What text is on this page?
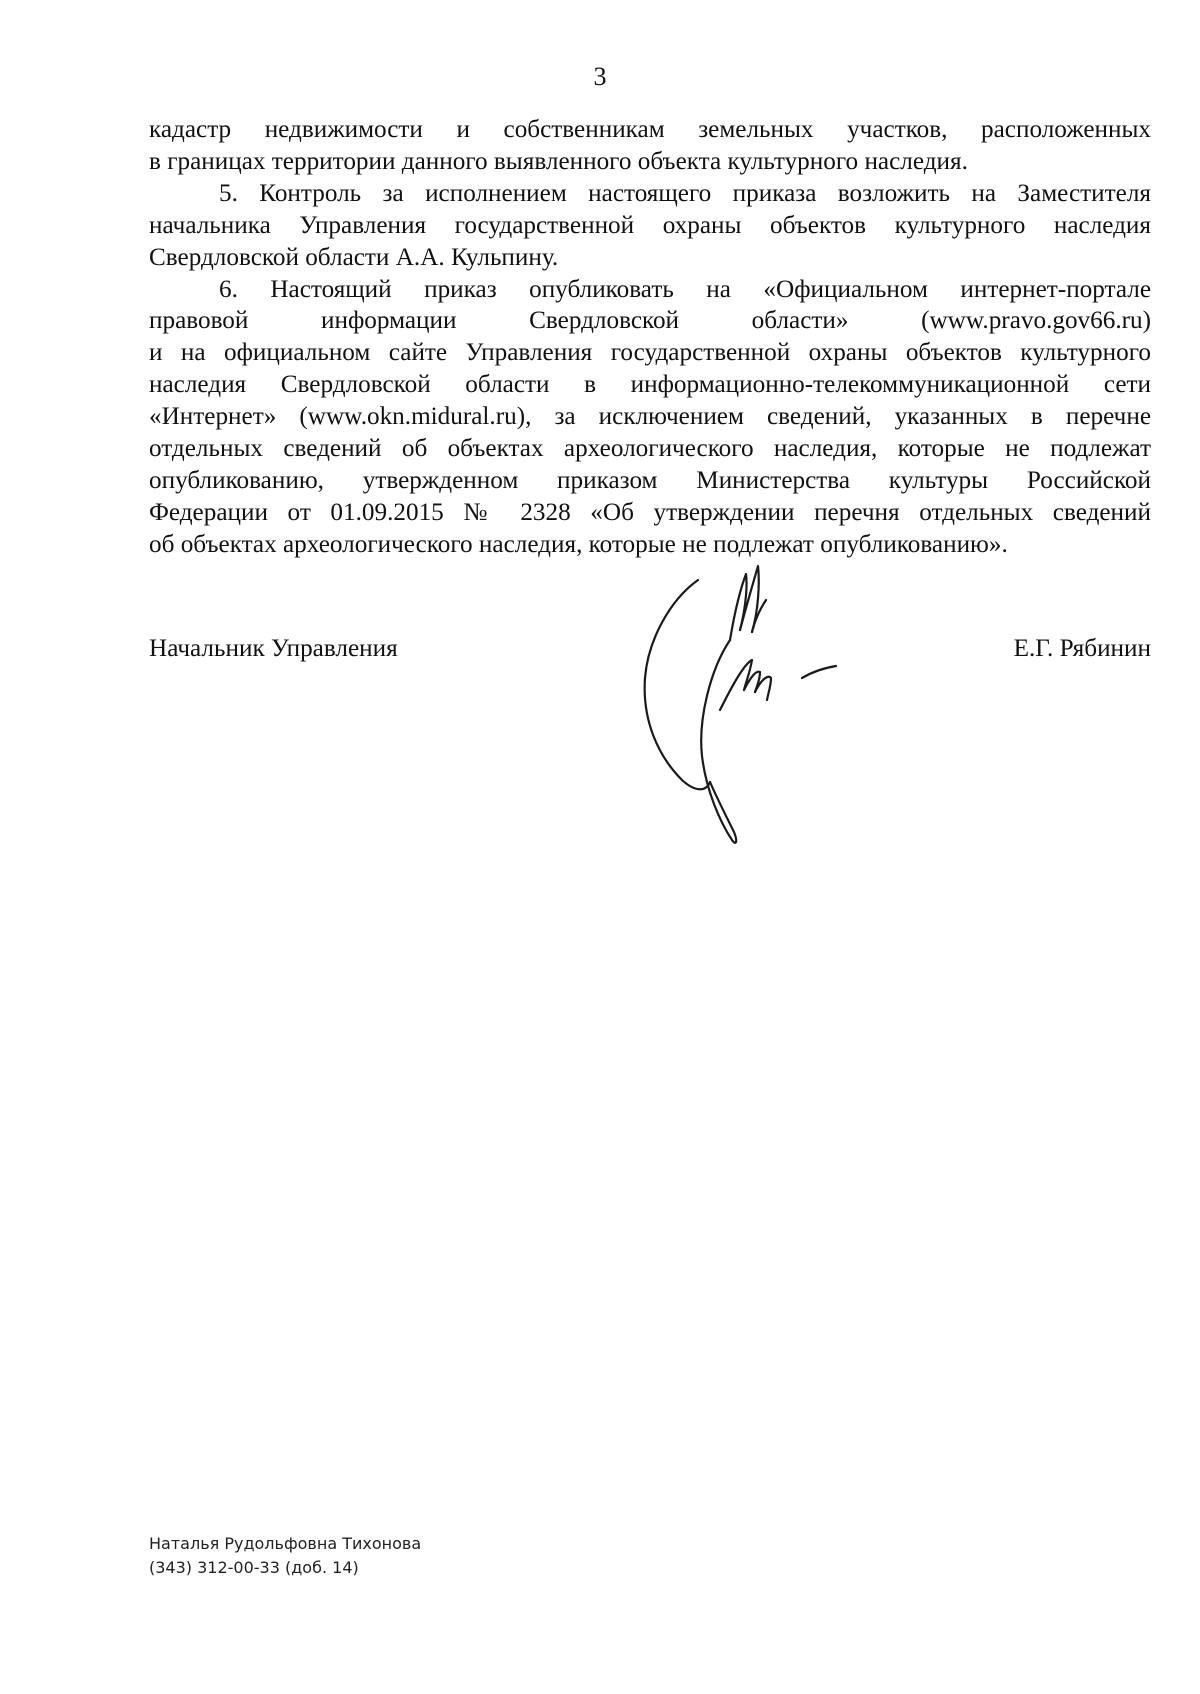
3
кадастр недвижимости и собственникам земельных участков, расположенных
в границах территории данного выявленного объекта культурного наследия.
5. Контроль за исполнением настоящего приказа возложить на Заместителя
начальника Управления государственной охраны объектов культурного наследия
Свердловской области А.А. Кульпину.
6. Настоящий приказ опубликовать на «Официальном интернет-портале
правовой информации Свердловской области» (www.pravo.gov66.ru)
и на официальном сайте Управления государственной охраны объектов культурного
наследия Свердловской области в информационно-телекоммуникационной сети
«Интернет» (www.okn.midural.ru), за исключением сведений, указанных в перечне
отдельных сведений об объектах археологического наследия, которые не подлежат
опубликованию, утвержденном приказом Министерства культуры Российской
Федерации от 01.09.2015 № 2328 «Об утверждении перечня отдельных сведений
об объектах археологического наследия, которые не подлежат опубликованию».
Начальник Управления	Е.Г. Рябинин
Наталья Рудольфовна Тихонова
(343) 312-00-33 (доб. 14)
